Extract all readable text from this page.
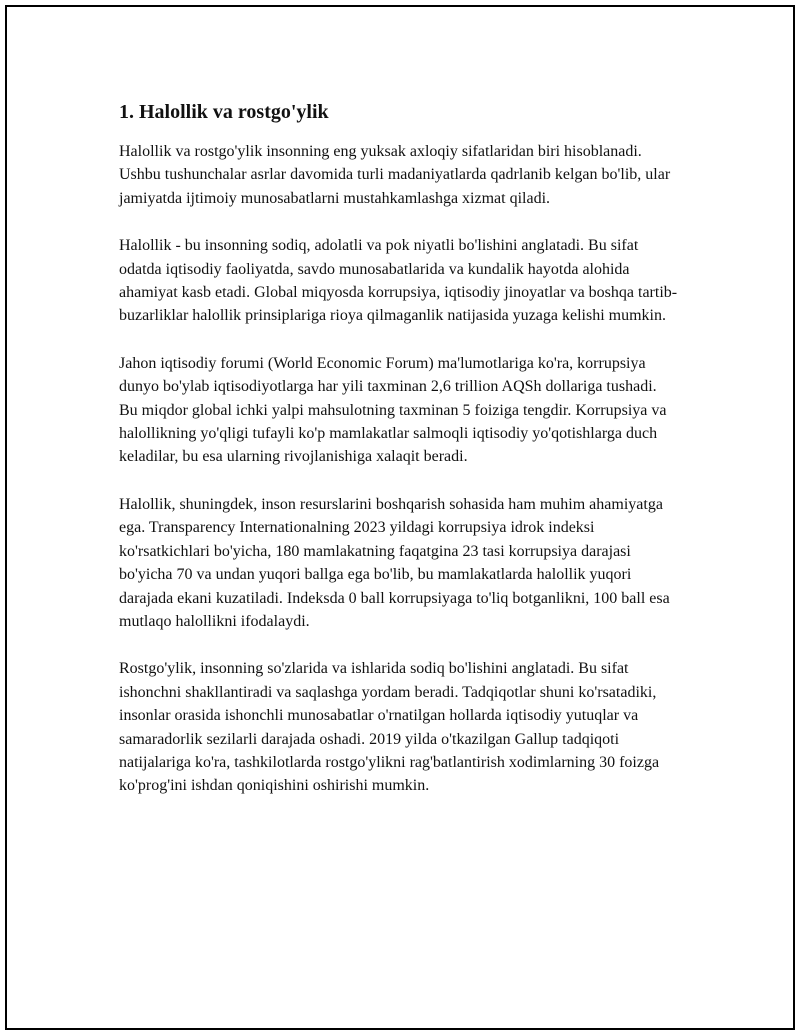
1. Halollik va rostgo'ylik

Halollik va rostgo'ylik insonning eng yuksak axloqiy sifatlaridan biri hisoblanadi. Ushbu tushunchalar asrlar davomida turli madaniyatlarda qadrlanib kelgan bo'lib, ular jamiyatda ijtimoiy munosabatlarni mustahkamlashga xizmat qiladi.

Halollik - bu insonning sodiq, adolatli va pok niyatli bo'lishini anglatadi. Bu sifat odatda iqtisodiy faoliyatda, savdo munosabatlarida va kundalik hayotda alohida ahamiyat kasb etadi. Global miqyosda korrupsiya, iqtisodiy jinoyatlar va boshqa tartib-buzarliklar halollik prinsiplariga rioya qilmaganlik natijasida yuzaga kelishi mumkin.

Jahon iqtisodiy forumi (World Economic Forum) ma'lumotlariga ko'ra, korrupsiya dunyo bo'ylab iqtisodiyotlarga har yili taxminan 2,6 trillion AQSh dollariga tushadi. Bu miqdor global ichki yalpi mahsulotning taxminan 5 foiziga tengdir. Korrupsiya va halollikning yo'qligi tufayli ko'p mamlakatlar salmoqli iqtisodiy yo'qotishlarga duch keladilar, bu esa ularning rivojlanishiga xalaqit beradi.

Halollik, shuningdek, inson resurslarini boshqarish sohasida ham muhim ahamiyatga ega. Transparency Internationalning 2023 yildagi korrupsiya idrok indeksi ko'rsatkichlari bo'yicha, 180 mamlakatning faqatgina 23 tasi korrupsiya darajasi bo'yicha 70 va undan yuqori ballga ega bo'lib, bu mamlakatlarda halollik yuqori darajada ekani kuzatiladi. Indeksda 0 ball korrupsiyaga to'liq botganlikni, 100 ball esa mutlaqo halollikni ifodalaydi.

Rostgo'ylik, insonning so'zlarida va ishlarida sodiq bo'lishini anglatadi. Bu sifat ishonchni shakllantiradi va saqlashga yordam beradi. Tadqiqotlar shuni ko'rsatadiki, insonlar orasida ishonchli munosabatlar o'rnatilgan hollarda iqtisodiy yutuqlar va samaradorlik sezilarli darajada oshadi. 2019 yilda o'tkazilgan Gallup tadqiqoti natijalariga ko'ra, tashkilotlarda rostgo'ylikni rag'batlantirish xodimlarning 30 foizga ko'prog'ini ishdan qoniqishini oshirishi mumkin.
